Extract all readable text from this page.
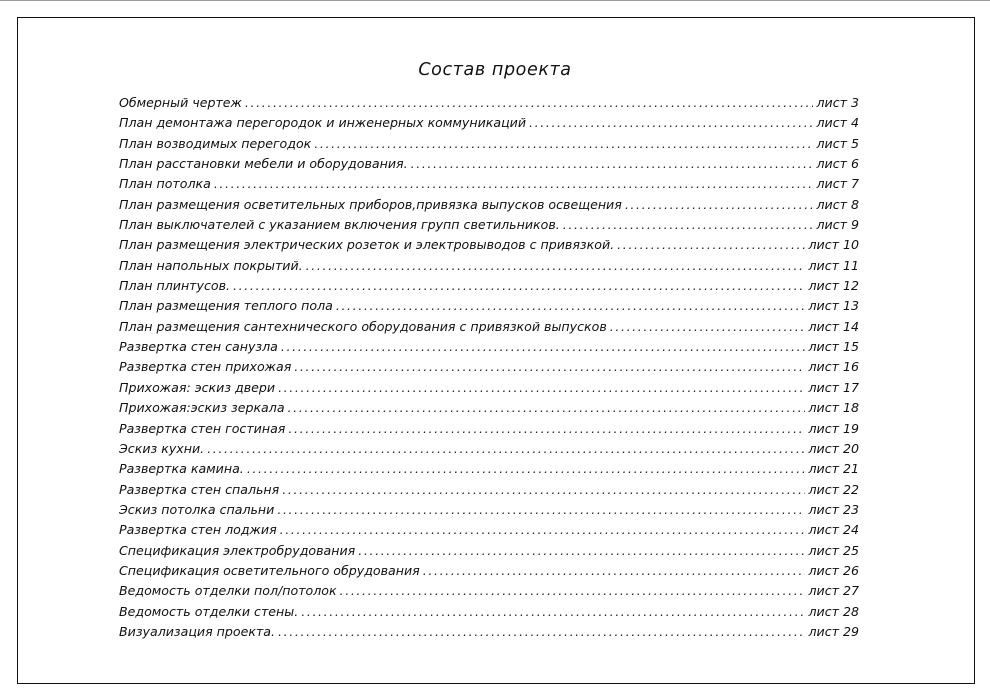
Состав проекта
Обмерный чертеж . . .	лист 3
План демонтажа перегородок и инженерных коммуникаций . . .	лист 4
План возводимых перегодок . . .	лист 5
План расстановки мебели и оборудования. . . .	лист 6
План потолка . . .	лист 7
План размещения осветительных приборов,привязка выпусков освещения . . .	лист 8
План выключателей с указанием включения групп светильников. . . .	лист 9
План размещения электрических розеток и электровыводов с привязкой. . . .	лист 10
План напольных покрытий. . . .	лист 11
План плинтусов. . . .	лист 12
План размещения теплого пола . . .	лист 13
План размещения сантехнического оборудования с привязкой выпусков . . .	лист 14
Развертка стен санузла . . .	лист 15
Развертка стен прихожая . . .	лист 16
Прихожая: эскиз двери . . .	лист 17
Прихожая:эскиз зеркала . . .	лист 18
Развертка стен гостиная . . .	лист 19
Эскиз кухни. . . .	лист 20
Развертка камина. . . .	лист 21
Развертка стен спальня . . .	лист 22
Эскиз потолка спальни . . .	лист 23
Развертка стен лоджия . . .	лист 24
Спецификация электробрудования . . .	лист 25
Спецификация осветительного обрудования . . .	лист 26
Ведомость отделки пол/потолок . . .	лист 27
Ведомость отделки стены. . . .	лист 28
Визуализация проекта. . . .	лист 29
